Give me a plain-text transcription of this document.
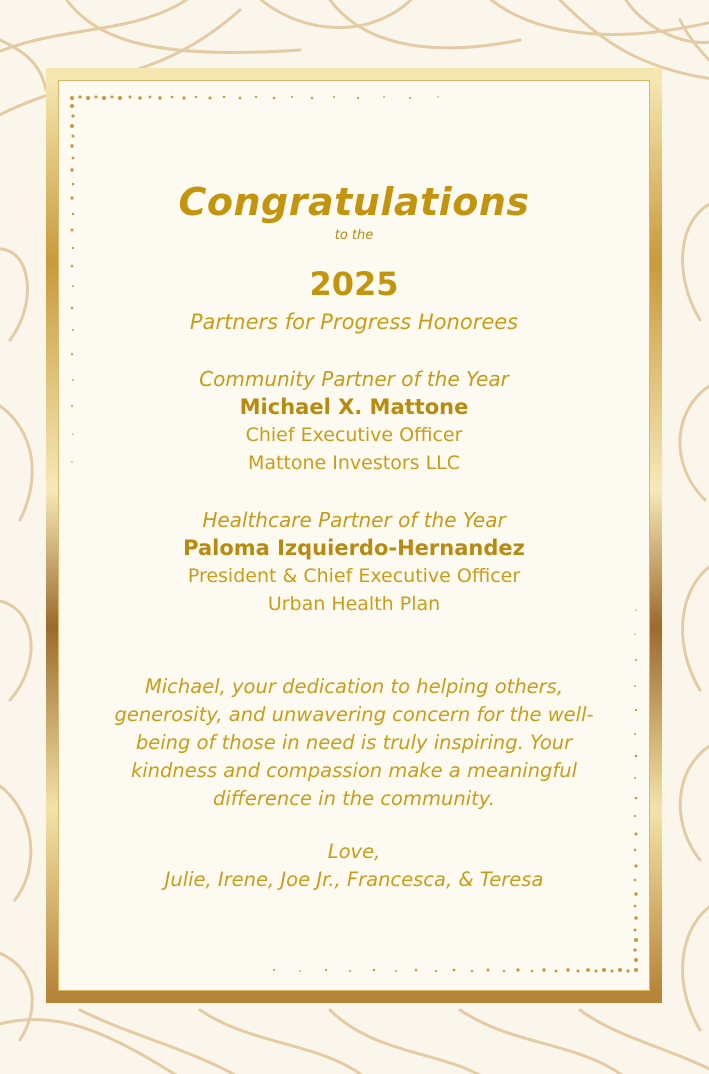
Congratulations
to the
2025
Partners for Progress Honorees
Community Partner of the Year
Michael X. Mattone
Chief Executive Officer
Mattone Investors LLC
Healthcare Partner of the Year
Paloma Izquierdo-Hernandez
President & Chief Executive Officer
Urban Health Plan
Michael, your dedication to helping others,
generosity, and unwavering concern for the well-
being of those in need is truly inspiring. Your
kindness and compassion make a meaningful
difference in the community.
Love,
Julie, Irene, Joe Jr., Francesca, & Teresa
